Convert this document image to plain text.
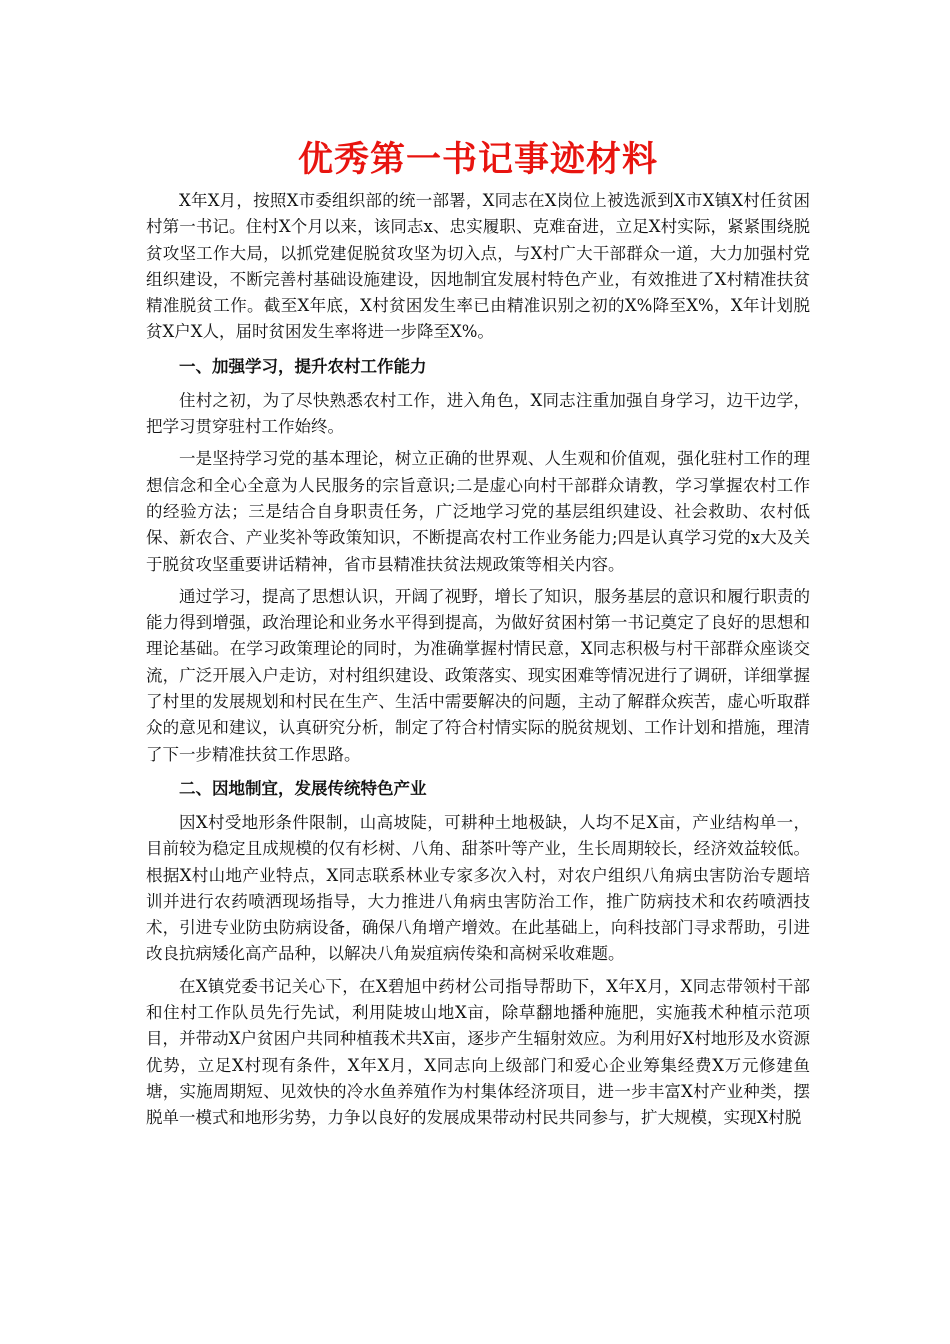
优秀第一书记事迹材料

X年X月，按照X市委组织部的统一部署，X同志在X岗位上被选派到X市X镇X村任贫困村第一书记。住村X个月以来，该同志x、忠实履职、克难奋进，立足X村实际，紧紧围绕脱贫攻坚工作大局，以抓党建促脱贫攻坚为切入点，与X村广大干部群众一道，大力加强村党组织建设，不断完善村基础设施建设，因地制宜发展村特色产业，有效推进了X村精准扶贫精准脱贫工作。截至X年底，X村贫困发生率已由精准识别之初的X%降至X%，X年计划脱贫X户X人，届时贫困发生率将进一步降至X%。

一、加强学习，提升农村工作能力

住村之初，为了尽快熟悉农村工作，进入角色，X同志注重加强自身学习，边干边学，把学习贯穿驻村工作始终。

一是坚持学习党的基本理论，树立正确的世界观、人生观和价值观，强化驻村工作的理想信念和全心全意为人民服务的宗旨意识;二是虚心向村干部群众请教，学习掌握农村工作的经验方法；三是结合自身职责任务，广泛地学习党的基层组织建设、社会救助、农村低保、新农合、产业奖补等政策知识，不断提高农村工作业务能力;四是认真学习党的x大及关于脱贫攻坚重要讲话精神，省市县精准扶贫法规政策等相关内容。

通过学习，提高了思想认识，开阔了视野，增长了知识，服务基层的意识和履行职责的能力得到增强，政治理论和业务水平得到提高，为做好贫困村第一书记奠定了良好的思想和理论基础。在学习政策理论的同时，为准确掌握村情民意，X同志积极与村干部群众座谈交流，广泛开展入户走访，对村组织建设、政策落实、现实困难等情况进行了调研，详细掌握了村里的发展规划和村民在生产、生活中需要解决的问题，主动了解群众疾苦，虚心听取群众的意见和建议，认真研究分析，制定了符合村情实际的脱贫规划、工作计划和措施，理清了下一步精准扶贫工作思路。

二、因地制宜，发展传统特色产业

因X村受地形条件限制，山高坡陡，可耕种土地极缺，人均不足X亩，产业结构单一，目前较为稳定且成规模的仅有杉树、八角、甜茶叶等产业，生长周期较长，经济效益较低。根据X村山地产业特点，X同志联系林业专家多次入村，对农户组织八角病虫害防治专题培训并进行农药喷洒现场指导，大力推进八角病虫害防治工作，推广防病技术和农药喷洒技术，引进专业防虫防病设备，确保八角增产增效。在此基础上，向科技部门寻求帮助，引进改良抗病矮化高产品种，以解决八角炭疽病传染和高树采收难题。

在X镇党委书记关心下，在X碧旭中药材公司指导帮助下，X年X月，X同志带领村干部和住村工作队员先行先试，利用陡坡山地X亩，除草翻地播种施肥，实施莪术种植示范项目，并带动X户贫困户共同种植莪术共X亩，逐步产生辐射效应。为利用好X村地形及水资源优势，立足X村现有条件，X年X月，X同志向上级部门和爱心企业筹集经费X万元修建鱼塘，实施周期短、见效快的冷水鱼养殖作为村集体经济项目，进一步丰富X村产业种类，摆脱单一模式和地形劣势，力争以良好的发展成果带动村民共同参与，扩大规模，实现X村脱
